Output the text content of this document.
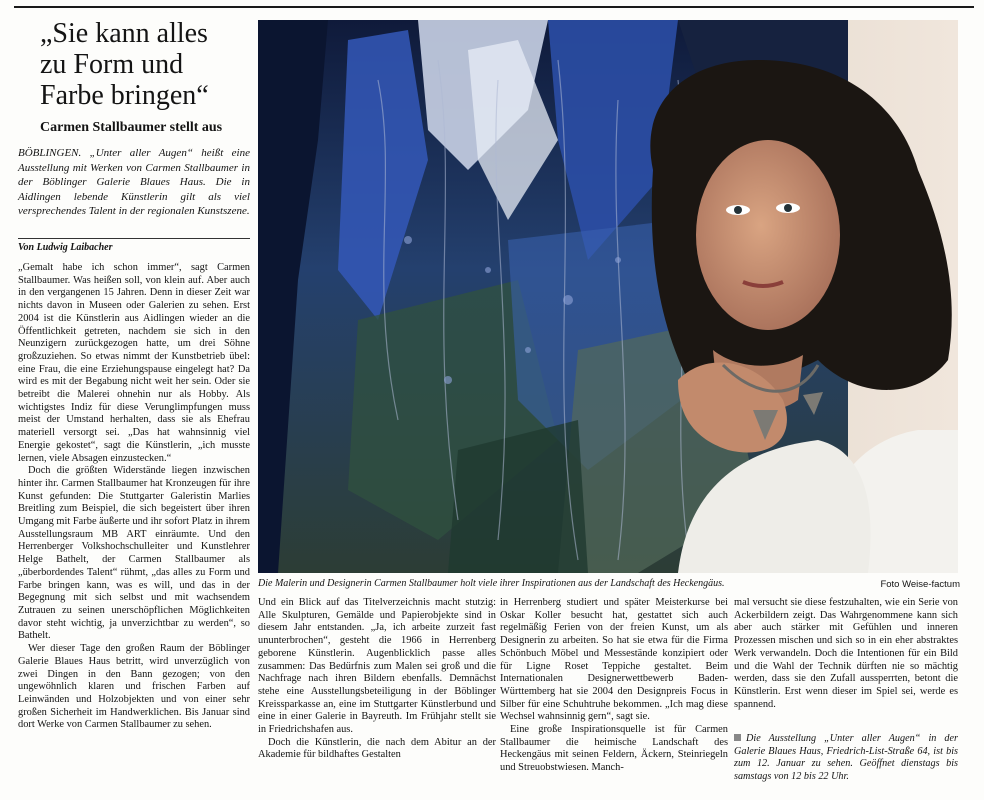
„Sie kann alles
zu Form und
Farbe bringen“
Carmen Stallbaumer stellt aus

BÖBLINGEN. „Unter aller Augen“ heißt eine Ausstellung mit Werken von Carmen Stallbaumer in der Böblinger Galerie Blaues Haus. Die in Aidlingen lebende Künstlerin gilt als viel versprechendes Talent in der regionalen Kunstszene.

Von Ludwig Laibacher

„Gemalt habe ich schon immer“, sagt Carmen Stallbaumer. Was heißen soll, von klein auf. Aber auch in den vergangenen 15 Jahren. Denn in dieser Zeit war nichts davon in Museen oder Galerien zu sehen. Erst 2004 ist die Künstlerin aus Aidlingen wieder an die Öffentlichkeit getreten, nachdem sie sich in den Neunzigern zurückgezogen hatte, um drei Söhne großzuziehen. So etwas nimmt der Kunstbetrieb übel: eine Frau, die eine Erziehungspause eingelegt hat? Da wird es mit der Begabung nicht weit her sein. Oder sie betreibt die Malerei ohnehin nur als Hobby. Als wichtigstes Indiz für diese Verunglimpfungen muss meist der Umstand herhalten, dass sie als Ehefrau materiell versorgt sei. „Das hat wahnsinnig viel Energie gekostet“, sagt die Künstlerin, „ich musste lernen, viele Absagen einzustecken.“

Doch die größten Widerstände liegen inzwischen hinter ihr. Carmen Stallbaumer hat Kronzeugen für ihre Kunst gefunden: Die Stuttgarter Galeristin Marlies Breitling zum Beispiel, die sich begeistert über ihren Umgang mit Farbe äußerte und ihr sofort Platz in ihrem Ausstellungsraum MB ART einräumte. Und den Herrenberger Volkshochschulleiter und Kunstlehrer Helge Bathelt, der Carmen Stallbaumer als „überbordendes Talent“ rühmt, „das alles zu Form und Farbe bringen kann, was es will, und das in der Begegnung mit sich selbst und mit wachsendem Zutrauen zu seinen unerschöpflichen Möglichkeiten davor steht wichtig, ja unverzichtbar zu werden“, so Bathelt.

Wer dieser Tage den großen Raum der Böblinger Galerie Blaues Haus betritt, wird unverzüglich von zwei Dingen in den Bann gezogen; von den ungewöhnlich klaren und frischen Farben auf Leinwänden und Holzobjekten und von einer sehr großen Sicherheit im Handwerklichen. Bis Januar sind dort Werke von Carmen Stallbaumer zu sehen.

Die Malerin und Designerin Carmen Stallbaumer holt viele ihrer Inspirationen aus der Landschaft des Heckengäus.	Foto Weise-factum

Und ein Blick auf das Titelverzeichnis macht stutzig: Alle Skulpturen, Gemälde und Papierobjekte sind in diesem Jahr entstanden. „Ja, ich arbeite zurzeit fast ununterbrochen“, gesteht die 1966 in Herrenberg geborene Künstlerin. Augenblicklich passe alles zusammen: Das Bedürfnis zum Malen sei groß und die Nachfrage nach ihren Bildern ebenfalls. Demnächst stehe eine Ausstellungsbeteiligung in der Böblinger Kreissparkasse an, eine im Stuttgarter Künstlerbund und eine in einer Galerie in Bayreuth. Im Frühjahr stellt sie in Friedrichshafen aus.

Doch die Künstlerin, die nach dem Abitur an der Akademie für bildhaftes Gestalten

in Herrenberg studiert und später Meisterkurse bei Oskar Koller besucht hat, gestattet sich auch regelmäßig Ferien von der freien Kunst, um als Designerin zu arbeiten. So hat sie etwa für die Firma Schönbuch Möbel und Messestände konzipiert oder für Ligne Roset Teppiche gestaltet. Beim Internationalen Designerwettbewerb Baden-Württemberg hat sie 2004 den Designpreis Focus in Silber für eine Schuhtruhe bekommen. „Ich mag diese Wechsel wahnsinnig gern“, sagt sie.

Eine große Inspirationsquelle ist für Carmen Stallbaumer die heimische Landschaft des Heckengäus mit seinen Feldern, Äckern, Steinriegeln und Streuobstwiesen. Manch-

mal versucht sie diese festzuhalten, wie ein Serie von Ackerbildern zeigt. Das Wahrgenommene kann sich aber auch stärker mit Gefühlen und inneren Prozessen mischen und sich so in ein eher abstraktes Werk verwandeln. Doch die Intentionen für ein Bild und die Wahl der Technik dürften nie so mächtig werden, dass sie den Zufall aussperrten, betont die Künstlerin. Erst wenn dieser im Spiel sei, werde es spannend.

Die Ausstellung „Unter aller Augen“ in der Galerie Blaues Haus, Friedrich-List-Straße 64, ist bis zum 12. Januar zu sehen. Geöffnet dienstags bis samstags von 12 bis 22 Uhr.
